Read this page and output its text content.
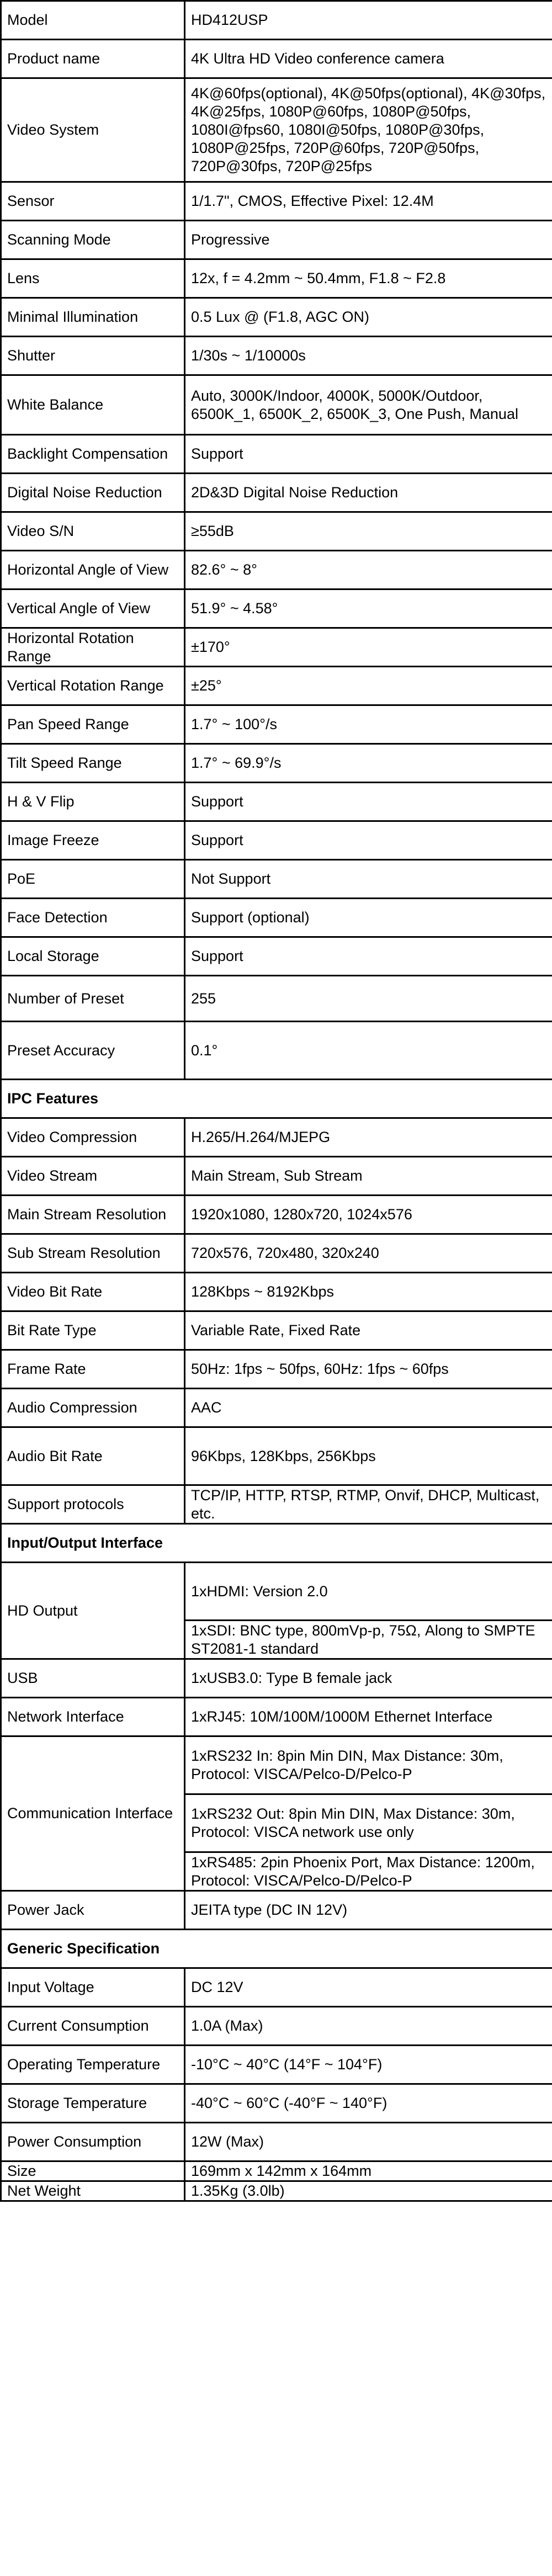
Model	HD412USP
Product name	4K Ultra HD Video conference camera
Video System	4K@60fps(optional), 4K@50fps(optional), 4K@30fps, 4K@25fps, 1080P@60fps, 1080P@50fps, 1080I@fps60, 1080I@50fps, 1080P@30fps, 1080P@25fps, 720P@60fps, 720P@50fps, 720P@30fps, 720P@25fps
Sensor	1/1.7", CMOS, Effective Pixel: 12.4M
Scanning Mode	Progressive
Lens	12x, f = 4.2mm ~ 50.4mm, F1.8 ~ F2.8
Minimal Illumination	0.5 Lux @ (F1.8, AGC ON)
Shutter	1/30s ~ 1/10000s
White Balance	Auto, 3000K/Indoor, 4000K, 5000K/Outdoor, 6500K_1, 6500K_2, 6500K_3, One Push, Manual
Backlight Compensation	Support
Digital Noise Reduction	2D&3D Digital Noise Reduction
Video S/N	≥55dB
Horizontal Angle of View	82.6° ~ 8°
Vertical Angle of View	51.9° ~ 4.58°
Horizontal Rotation Range	±170°
Vertical Rotation Range	±25°
Pan Speed Range	1.7° ~ 100°/s
Tilt Speed Range	1.7° ~ 69.9°/s
H & V Flip	Support
Image Freeze	Support
PoE	Not Support
Face Detection	Support (optional)
Local Storage	Support
Number of Preset	255
Preset Accuracy	0.1°
IPC Features	
Video Compression	H.265/H.264/MJEPG
Video Stream	Main Stream, Sub Stream
Main Stream Resolution	1920x1080, 1280x720, 1024x576
Sub Stream Resolution	720x576, 720x480, 320x240
Video Bit Rate	128Kbps ~ 8192Kbps
Bit Rate Type	Variable Rate, Fixed Rate
Frame Rate	50Hz: 1fps ~ 50fps, 60Hz: 1fps ~ 60fps
Audio Compression	AAC
Audio Bit Rate	96Kbps, 128Kbps, 256Kbps
Support protocols	TCP/IP, HTTP, RTSP, RTMP, Onvif, DHCP, Multicast, etc.
Input/Output Interface	
HD Output	1xHDMI: Version 2.0
	1xSDI: BNC type, 800mVp-p, 75Ω, Along to SMPTE ST2081-1 standard
USB	1xUSB3.0: Type B female jack
Network Interface	1xRJ45: 10M/100M/1000M Ethernet Interface
Communication Interface	1xRS232 In: 8pin Min DIN, Max Distance: 30m, Protocol: VISCA/Pelco-D/Pelco-P
	1xRS232 Out: 8pin Min DIN, Max Distance: 30m, Protocol: VISCA network use only
	1xRS485: 2pin Phoenix Port, Max Distance: 1200m, Protocol: VISCA/Pelco-D/Pelco-P
Power Jack	JEITA type (DC IN 12V)
Generic Specification	
Input Voltage	DC 12V
Current Consumption	1.0A (Max)
Operating Temperature	-10°C ~ 40°C (14°F ~ 104°F)
Storage Temperature	-40°C ~ 60°C (-40°F ~ 140°F)
Power Consumption	12W (Max)
Size	169mm x 142mm x 164mm
Net Weight	1.35Kg (3.0lb)
